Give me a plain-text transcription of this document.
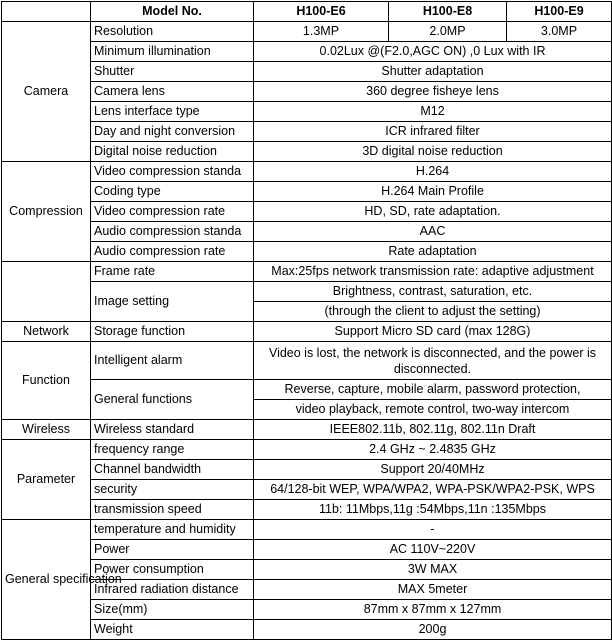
	Model No.	H100-E6	H100-E8	H100-E9
Camera	Resolution	1.3MP	2.0MP	3.0MP
	Minimum illumination	0.02Lux @(F2.0,AGC ON) ,0 Lux with IR		
	Shutter	Shutter adaptation		
	Camera lens	360 degree fisheye lens		
	Lens interface type	M12		
	Day and night conversion	ICR infrared filter		
	Digital noise reduction	3D digital noise reduction		
Compression	Video compression standa	H.264		
	Coding type	H.264 Main Profile		
	Video compression rate	HD, SD, rate adaptation.		
	Audio compression standa	AAC		
	Audio compression rate	Rate adaptation		
	Frame rate	Max:25fps network transmission rate: adaptive adjustment		
	Image setting	Brightness, contrast, saturation, etc.		
		(through the client to adjust the setting)		
Network	Storage function	Support Micro SD card (max 128G)		
Function	Intelligent alarm	Video is lost, the network is disconnected, and the power is disconnected.		
	General functions	Reverse, capture, mobile alarm, password protection,		
		video playback, remote control, two-way intercom		
Wireless	Wireless standard	IEEE802.11b, 802.11g, 802.11n Draft		
Parameter	frequency range	2.4 GHz ~ 2.4835 GHz		
	Channel bandwidth	Support 20/40MHz		
	security	64/128-bit WEP, WPA/WPA2, WPA-PSK/WPA2-PSK, WPS		
	transmission speed	11b: 11Mbps,11g :54Mbps,11n :135Mbps		
General specification	temperature and humidity	-		
	Power	AC 110V~220V		
	Power consumption	3W MAX		
	Infrared radiation distance	MAX 5meter		
	Size(mm)	87mm x 87mm x 127mm		
	Weight	200g		
